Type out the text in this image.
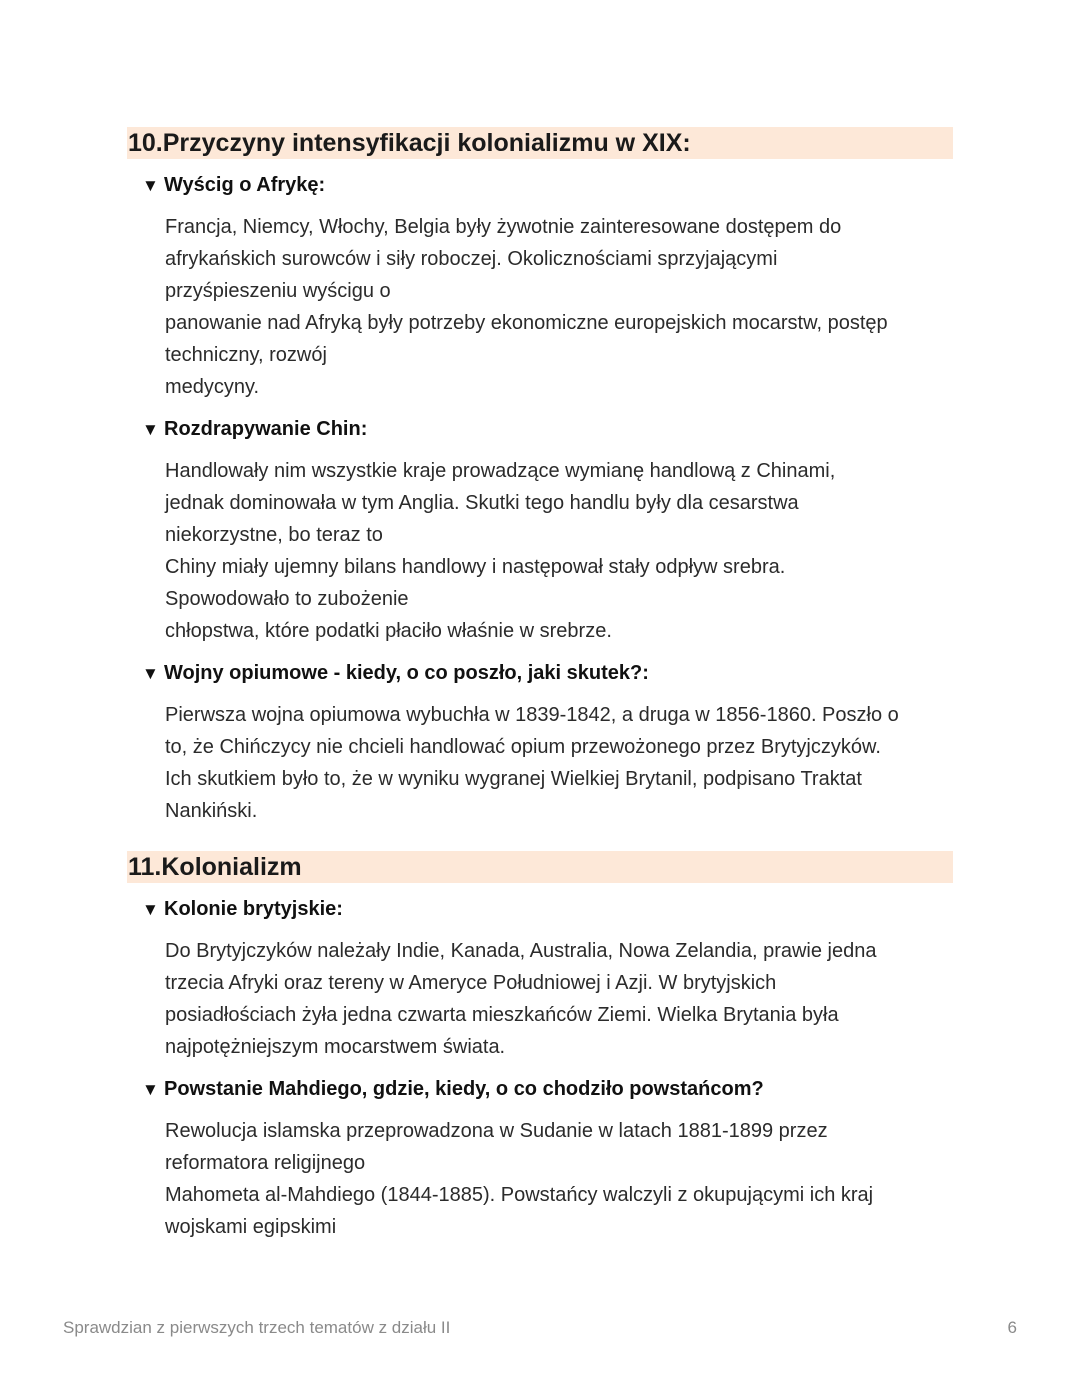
10.Przyczyny intensyfikacji kolonializmu w XIX:
▼ Wyścig o Afrykę:

Francja, Niemcy, Włochy, Belgia były żywotnie zainteresowane dostępem do

afrykańskich surowców i siły roboczej. Okolicznościami sprzyjającymi

przyśpieszeniu wyścigu o

panowanie nad Afryką były potrzeby ekonomiczne europejskich mocarstw, postęp

techniczny, rozwój

medycyny.

▼ Rozdrapywanie Chin:

Handlowały nim wszystkie kraje prowadzące wymianę handlową z Chinami,

jednak dominowała w tym Anglia. Skutki tego handlu były dla cesarstwa

niekorzystne, bo teraz to

Chiny miały ujemny bilans handlowy i następował stały odpływ srebra.

Spowodowało to zubożenie

chłopstwa, które podatki płaciło właśnie w srebrze.

▼ Wojny opiumowe - kiedy, o co poszło, jaki skutek?:

Pierwsza wojna opiumowa wybuchła w 1839-1842, a druga w 1856-1860. Poszło o

to, że Chińczycy nie chcieli handlować opium przewożonego przez Brytyjczyków.

Ich skutkiem było to, że w wyniku wygranej Wielkiej Brytanil, podpisano Traktat

Nankiński.

11.Kolonializm
▼ Kolonie brytyjskie:

Do Brytyjczyków należały Indie, Kanada, Australia, Nowa Zelandia, prawie jedna

trzecia Afryki oraz tereny w Ameryce Południowej i Azji. W brytyjskich

posiadłościach żyła jedna czwarta mieszkańców Ziemi. Wielka Brytania była

najpotężniejszym mocarstwem świata.

▼ Powstanie Mahdiego, gdzie, kiedy, o co chodziło powstańcom?

Rewolucja islamska przeprowadzona w Sudanie w latach 1881-1899 przez

reformatora religijnego

Mahometa al-Mahdiego (1844-1885). Powstańcy walczyli z okupującymi ich kraj

wojskami egipskimi

Sprawdzian z pierwszych trzech tematów z działu II	6
